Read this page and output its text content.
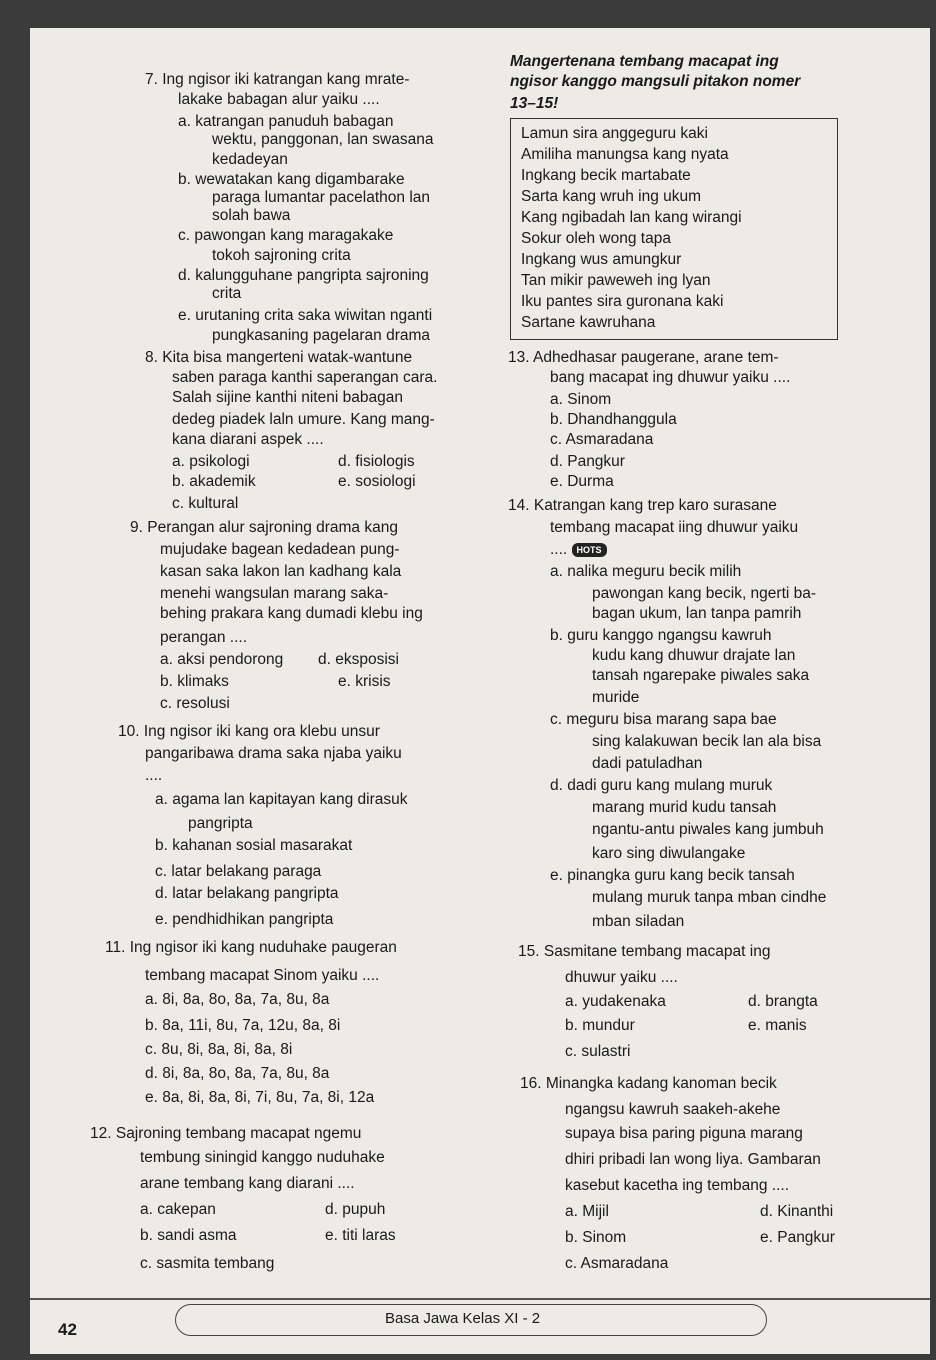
7. Ing ngisor iki katrangan kang mrate-
lakake babagan alur yaiku ....
a. katrangan panuduh babagan
wektu, panggonan, lan swasana
kedadeyan
b. wewatakan kang digambarake
paraga lumantar pacelathon lan
solah bawa
c. pawongan kang maragakake
tokoh sajroning crita
d. kalungguhane pangripta sajroning
crita
e. urutaning crita saka wiwitan nganti
pungkasaning pagelaran drama
8. Kita bisa mangerteni watak-wantune
saben paraga kanthi saperangan cara.
Salah sijine kanthi niteni babagan
dedeg piadek laln umure. Kang mang-
kana diarani aspek ....
a. psikologi	d. fisiologis
b. akademik	e. sosiologi
c. kultural
9. Perangan alur sajroning drama kang
mujudake bagean kedadean pung-
kasan saka lakon lan kadhang kala
menehi wangsulan marang saka-
behing prakara kang dumadi klebu ing
perangan ....
a. aksi pendorong d. eksposisi
b. klimaks	e. krisis
c. resolusi
10. Ing ngisor iki kang ora klebu unsur
pangaribawa drama saka njaba yaiku
....
a. agama lan kapitayan kang dirasuk
pangripta
b. kahanan sosial masarakat
c. latar belakang paraga
d. latar belakang pangripta
e. pendhidhikan pangripta
11. Ing ngisor iki kang nuduhake paugeran
tembang macapat Sinom yaiku ....
a. 8i, 8a, 8o, 8a, 7a, 8u, 8a
b. 8a, 11i, 8u, 7a, 12u, 8a, 8i
c. 8u, 8i, 8a, 8i, 8a, 8i
d. 8i, 8a, 8o, 8a, 7a, 8u, 8a
e. 8a, 8i, 8a, 8i, 7i, 8u, 7a, 8i, 12a
12. Sajroning tembang macapat ngemu
tembung siningid kanggo nuduhake
arane tembang kang diarani ....
a. cakepan	d. pupuh
b. sandi asma	e. titi laras
c. sasmita tembang
Mangertenana tembang macapat ing
ngisor kanggo mangsuli pitakon nomer
13–15!
Lamun sira anggeguru kaki
Amiliha manungsa kang nyata
Ingkang becik martabate
Sarta kang wruh ing ukum
Kang ngibadah lan kang wirangi
Sokur oleh wong tapa
Ingkang wus amungkur
Tan mikir paweweh ing lyan
Iku pantes sira guronana kaki
Sartane kawruhana
13. Adhedhasar paugerane, arane tem-
bang macapat ing dhuwur yaiku ....
a. Sinom
b. Dhandhanggula
c. Asmaradana
d. Pangkur
e. Durma
14. Katrangan kang trep karo surasane
tembang macapat iing dhuwur yaiku
a. nalika meguru becik milih
pawongan kang becik, ngerti ba-
bagan ukum, lan tanpa pamrih
b. guru kanggo ngangsu kawruh
kudu kang dhuwur drajate lan
tansah ngarepake piwales saka
muride
c. meguru bisa marang sapa bae
sing kalakuwan becik lan ala bisa
dadi patuladhan
d. dadi guru kang mulang muruk
marang murid kudu tansah
ngantu-antu piwales kang jumbuh
karo sing diwulangake
e. pinangka guru kang becik tansah
mulang muruk tanpa mban cindhe
mban siladan
15. Sasmitane tembang macapat ing
dhuwur yaiku ....
a. yudakenaka	d. brangta
b. mundur	e. manis
c. sulastri
16. Minangka kadang kanoman becik
ngangsu kawruh saakeh-akehe
supaya bisa paring piguna marang
dhiri pribadi lan wong liya. Gambaran
kasebut kacetha ing tembang ....
a. Mijil	d. Kinanthi
b. Sinom	e. Pangkur
c. Asmaradana
.... HOTS
42
Basa Jawa Kelas XI - 2
